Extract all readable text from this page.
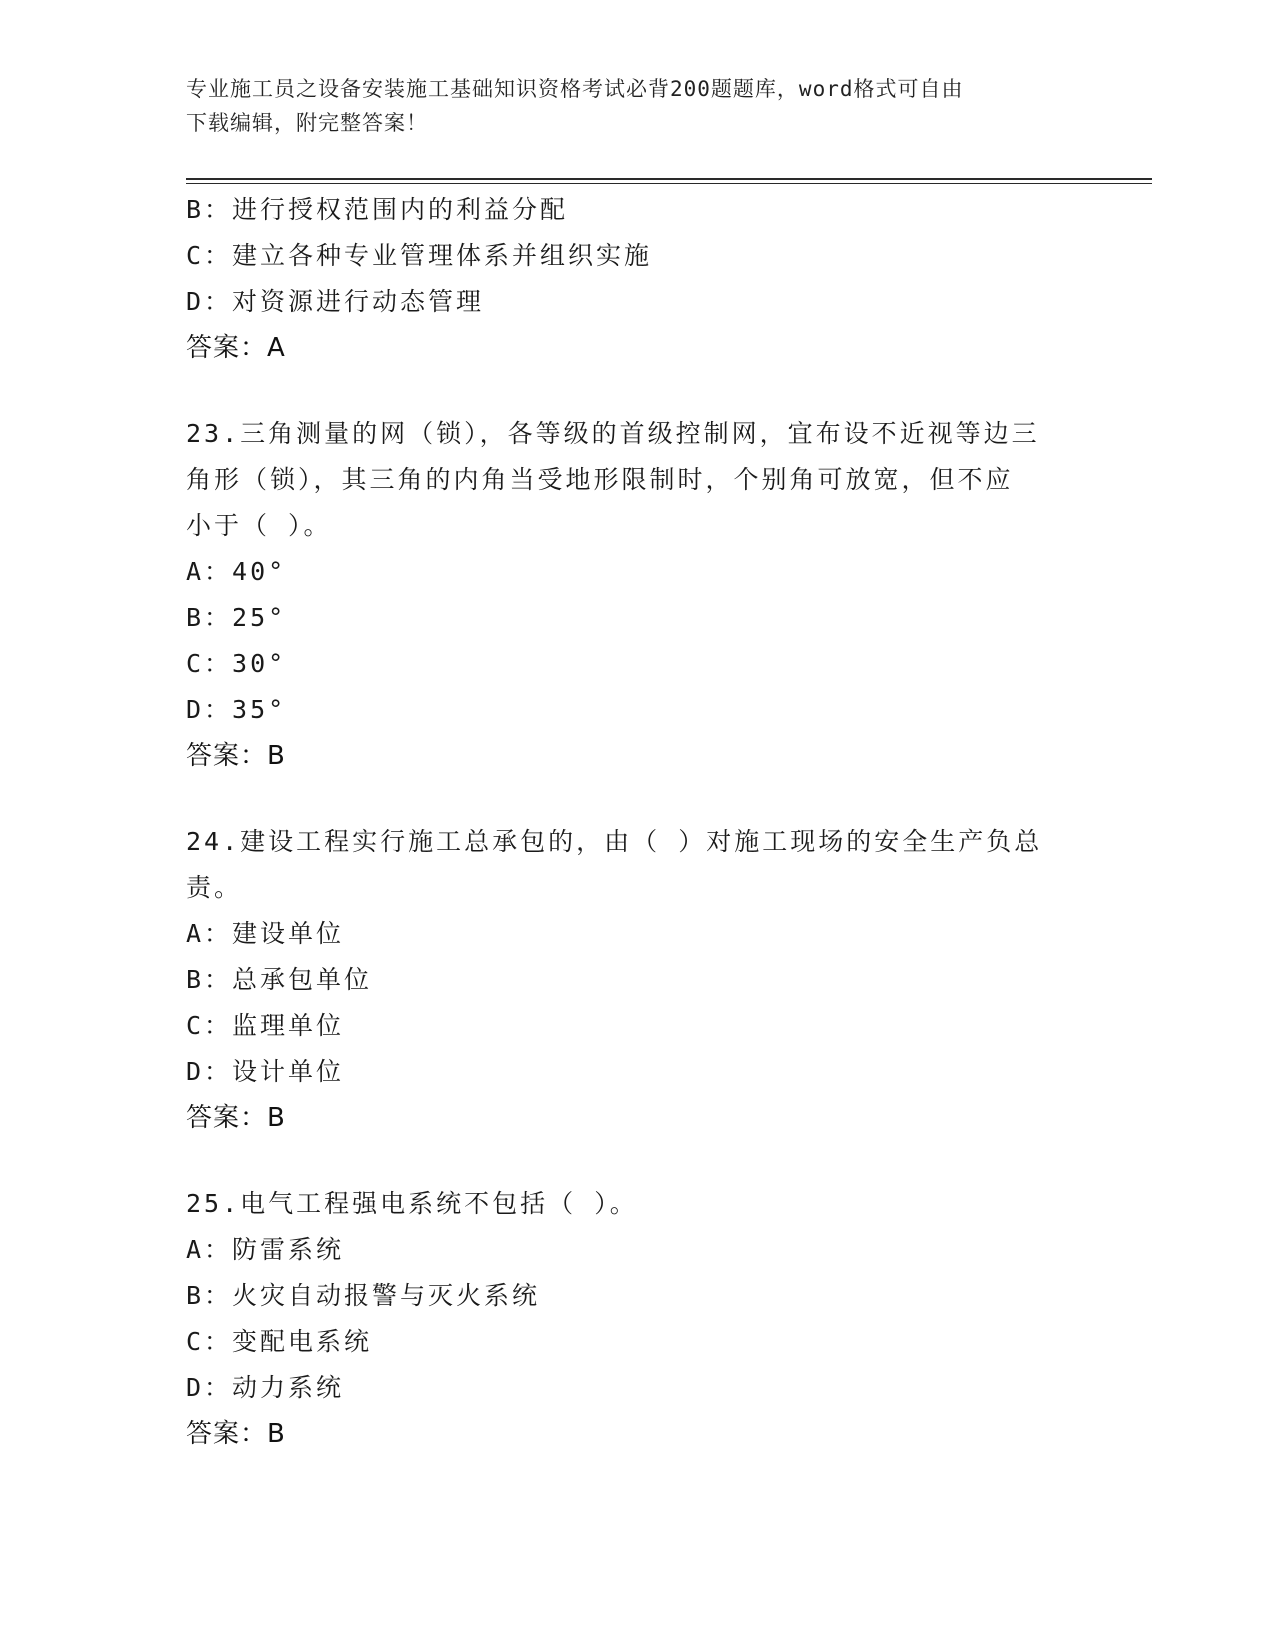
专业施工员之设备安装施工基础知识资格考试必背200题题库，word格式可自由
下载编辑，附完整答案！
B：进行授权范围内的利益分配
C：建立各种专业管理体系并组织实施
D：对资源进行动态管理
答案：A
23.三角测量的网（锁），各等级的首级控制网，宜布设不近视等边三
角形（锁），其三角的内角当受地形限制时，个别角可放宽，但不应
小于（ ）。
A：40°
B：25°
C：30°
D：35°
答案：B
24.建设工程实行施工总承包的，由（ ）对施工现场的安全生产负总
责。
A：建设单位
B：总承包单位
C：监理单位
D：设计单位
答案：B
25.电气工程强电系统不包括（ ）。
A：防雷系统
B：火灾自动报警与灭火系统
C：变配电系统
D：动力系统
答案：B
